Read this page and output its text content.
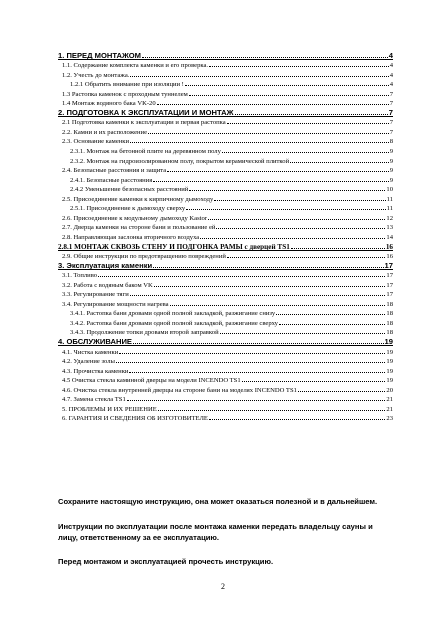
1. ПЕРЕД МОНТАЖОМ	4
1.1. Содержание комплекта каменки и его проверка.	4
1.2. Учесть до монтажа.	4
1.2.1 Обратить внимание при изоляции !	4
1.3 Растопка каменок с проходным туннелем	7
1.4 Монтаж водяного бака VK-20	7
2. ПОДГОТОВКА К ЭКСПЛУАТАЦИИ И МОНТАЖ	7
2.1 Подготовка каменки к эксплуатации и первая растопка	7
2.2. Камни и их расположение	7
2.3. Основание каменки	8
2.3.1. Монтаж на бетонной плите на деревянном полу	9
2.3.2. Монтаж на гидроизолированном полу, покрытом керамической плиткой	9
2.4. Безопасные расстояния и защита	9
2.4.1. Безопасные расстояния	9
2.4.2 Уменьшение безопасных расстояний	10
2.5. Присоединение каменки к кирпичному дымоходу	11
2.5.1. Присоединение к дымоходу сверху	11
2.6. Присоединение к модульному дымоходу Kastor	12
2.7. Дверца каменки на стороне бани и пользование ей	13
2.8. Направляющая заслонка вторичного воздуха	14
2.8.1 МОНТАЖ СКВОЗЬ СТЕНУ И ПОДГОНКА РАМЫ с дверцей TS1	16
2.9. Общие инструкции по предотвращению повреждений	16
3. Эксплуатация каменки	17
3.1. Топливо	17
3.2. Работа с водяным баком VK	17
3.3. Регулирование тяги	17
3.4. Регулирование мощности нагрева	18
3.4.1. Растопка бани дровами одной полной закладкой, разжигание снизу	18
3.4.2. Растопка бани дровами одной полной закладкой, разжигание сверху	18
3.4.3. Продолжение топки дровами второй заправкой	18
4. ОБСЛУЖИВАНИЕ	19
4.1. Чистка каменки	19
4.2. Удаление золы	19
4.3. Прочистка каменки	19
4.5 Очистка стекла каминной дверцы на модели INCENDO TS1	19
4.6. Очистка стекла внутренней дверцы на стороне бани на моделях INCENDO TS1	20
4.7. Замена стекла TS1	21
5. ПРОБЛЕМЫ И ИХ РЕШЕНИЕ	21
6. ГАРАНТИЯ И СВЕДЕНИЯ ОБ ИЗГОТОВИТЕЛЕ	23
Сохраните настоящую инструкцию, она может оказаться полезной и в дальнейшем.
Инструкции по эксплуатации после монтажа каменки передать владельцу сауны и лицу, ответственному за ее эксплуатацию.
Перед монтажом и эксплуатацией прочесть инструкцию.
2
